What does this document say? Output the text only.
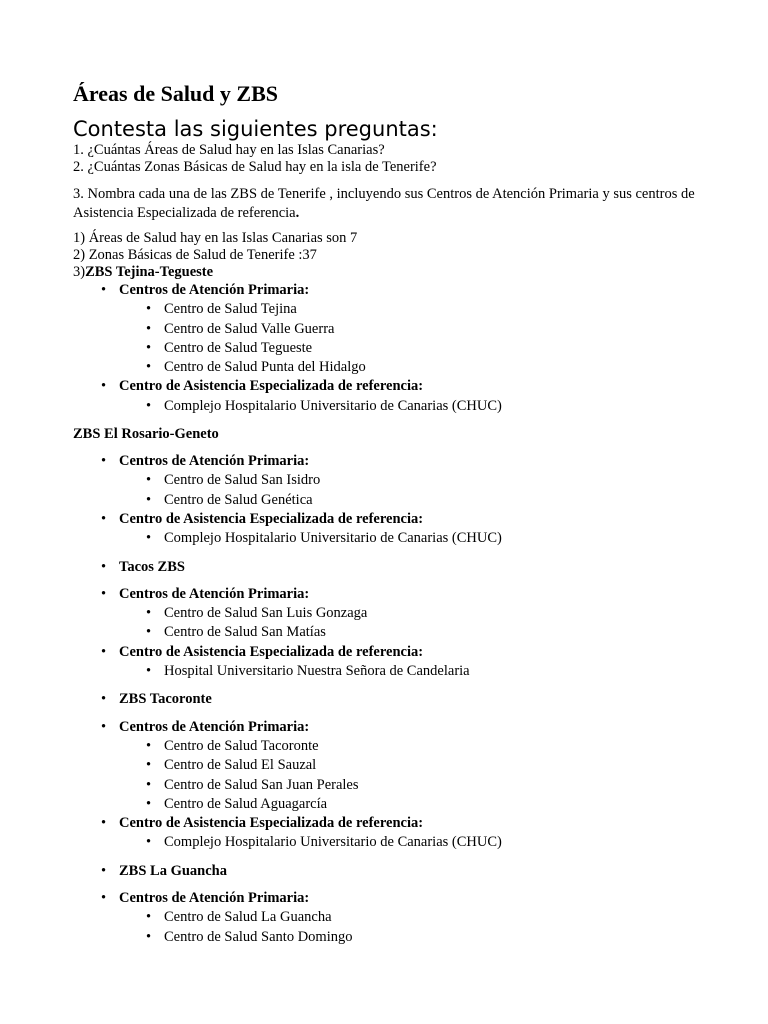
Áreas de Salud y ZBS
Contesta las siguientes preguntas:
1. ¿Cuántas Áreas de Salud hay en las Islas Canarias?
2. ¿Cuántas Zonas Básicas de Salud hay en la isla de Tenerife?
3. Nombra cada una de las ZBS de Tenerife , incluyendo sus Centros de Atención Primaria y sus centros de Asistencia Especializada de referencia.
1) Áreas de Salud hay en las Islas Canarias son 7
2) Zonas Básicas de Salud de Tenerife :37
3)ZBS Tejina-Tegueste
• Centros de Atención Primaria:
• Centro de Salud Tejina
• Centro de Salud Valle Guerra
• Centro de Salud Tegueste
• Centro de Salud Punta del Hidalgo
• Centro de Asistencia Especializada de referencia:
• Complejo Hospitalario Universitario de Canarias (CHUC)
ZBS El Rosario-Geneto
• Centros de Atención Primaria:
• Centro de Salud San Isidro
• Centro de Salud Genética
• Centro de Asistencia Especializada de referencia:
• Complejo Hospitalario Universitario de Canarias (CHUC)
• Tacos ZBS
• Centros de Atención Primaria:
• Centro de Salud San Luis Gonzaga
• Centro de Salud San Matías
• Centro de Asistencia Especializada de referencia:
• Hospital Universitario Nuestra Señora de Candelaria
• ZBS Tacoronte
• Centros de Atención Primaria:
• Centro de Salud Tacoronte
• Centro de Salud El Sauzal
• Centro de Salud San Juan Perales
• Centro de Salud Aguagarcía
• Centro de Asistencia Especializada de referencia:
• Complejo Hospitalario Universitario de Canarias (CHUC)
• ZBS La Guancha
• Centros de Atención Primaria:
• Centro de Salud La Guancha
• Centro de Salud Santo Domingo
